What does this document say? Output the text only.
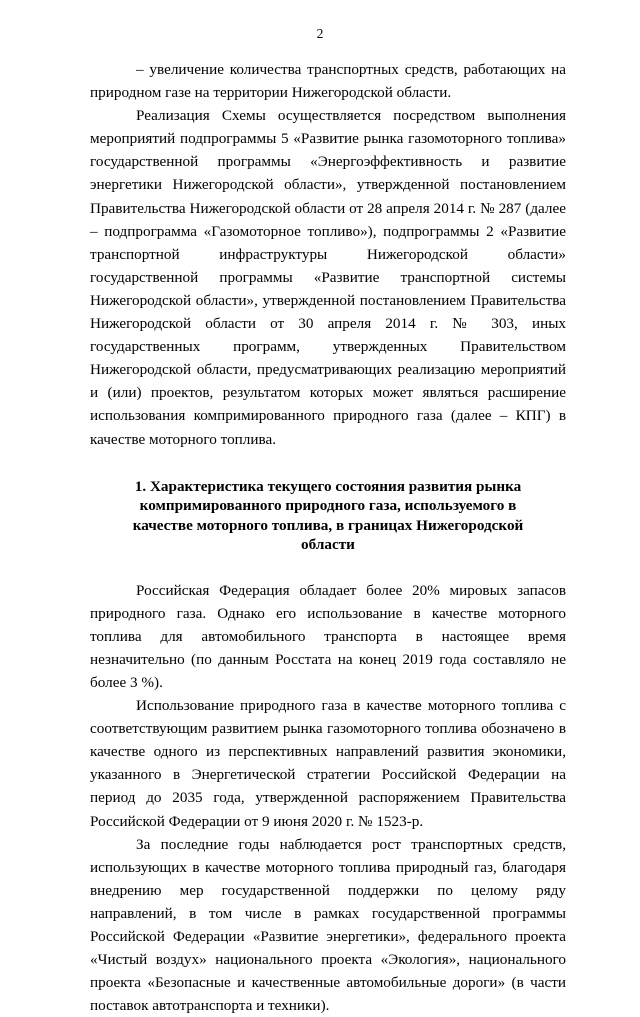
2

– увеличение количества транспортных средств, работающих на природном газе на территории Нижегородской области.

Реализация Схемы осуществляется посредством выполнения мероприятий подпрограммы 5 «Развитие рынка газомоторного топлива» государственной программы «Энергоэффективность и развитие энергетики Нижегородской области», утвержденной постановлением Правительства Нижегородской области от 28 апреля 2014 г. № 287 (далее – подпрограмма «Газомоторное топливо»), подпрограммы 2 «Развитие транспортной инфраструктуры Нижегородской области» государственной программы «Развитие транспортной системы Нижегородской области», утвержденной постановлением Правительства Нижегородской области от 30 апреля 2014 г. № 303, иных государственных программ, утвержденных Правительством Нижегородской области, предусматривающих реализацию мероприятий и (или) проектов, результатом которых может являться расширение использования компримированного природного газа (далее – КПГ) в качестве моторного топлива.

1. Характеристика текущего состояния развития рынка компримированного природного газа, используемого в качестве моторного топлива, в границах Нижегородской области

Российская Федерация обладает более 20% мировых запасов природного газа. Однако его использование в качестве моторного топлива для автомобильного транспорта в настоящее время незначительно (по данным Росстата на конец 2019 года составляло не более 3 %).

Использование природного газа в качестве моторного топлива с соответствующим развитием рынка газомоторного топлива обозначено в качестве одного из перспективных направлений развития экономики, указанного в Энергетической стратегии Российской Федерации на период до 2035 года, утвержденной распоряжением Правительства Российской Федерации от 9 июня 2020 г. № 1523-р.

За последние годы наблюдается рост транспортных средств, использующих в качестве моторного топлива природный газ, благодаря внедрению мер государственной поддержки по целому ряду направлений, в том числе в рамках государственной программы Российской Федерации «Развитие энергетики», федерального проекта «Чистый воздух» национального проекта «Экология», национального проекта «Безопасные и качественные автомобильные дороги» (в части поставок автотранспорта и техники).
